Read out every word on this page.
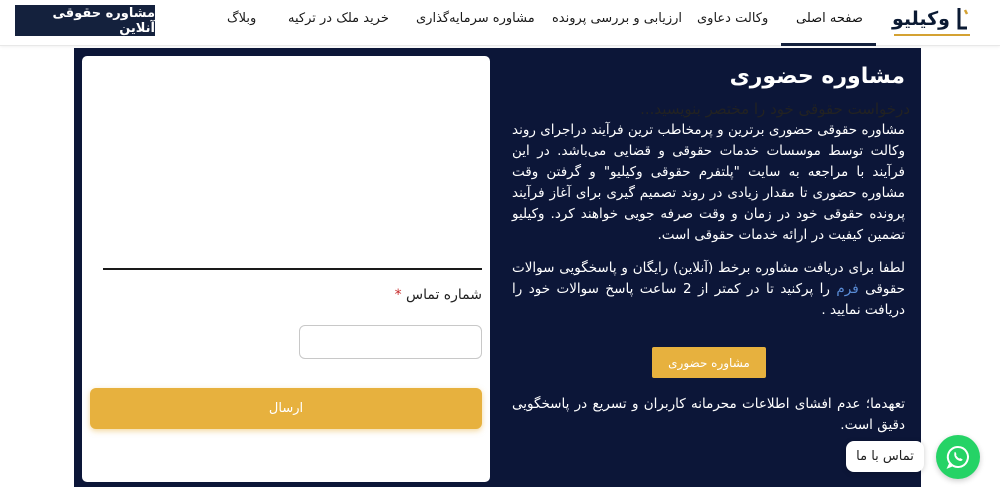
مشاوره حقوقی آنلاین
وبلاگ خرید ملک در ترکیه مشاوره سرمایه‌گذاری ارزیابی و بررسی پرونده وکالت دعاوی صفحه اصلی وکیلیو
مشاوره حضوری
مشاوره حقوقی حضوری برترین و پرمخاطب ترین فرآیند دراجرای روند وکالت توسط موسسات خدمات حقوقی و قضایی می‌باشد. در این فرآیند با مراجعه به سایت "پلتفرم حقوقی وکیلیو" و گرفتن وقت مشاوره حضوری تا مقدار زیادی در روند تصمیم گیری برای آغاز فرآیند پرونده حقوقی خود در زمان و وقت صرفه جویی خواهند کرد. وکیلیو تضمین کیفیت در ارائه خدمات حقوقی است.
لطفا برای دریافت مشاوره برخط (آنلاین) رایگان و پاسخگویی سوالات حقوقی فرم را پرکنید تا در کمتر از 2 ساعت پاسخ سوالات خود را دریافت نمایید .
مشاوره حضوری
تعهدما؛ عدم افشای اطلاعات محرمانه کاربران و تسریع در پاسخگویی دقیق است.
درخواست حقوقی خود را مختصر بنویسید...
شماره تماس *
ارسال
تماس با ما
